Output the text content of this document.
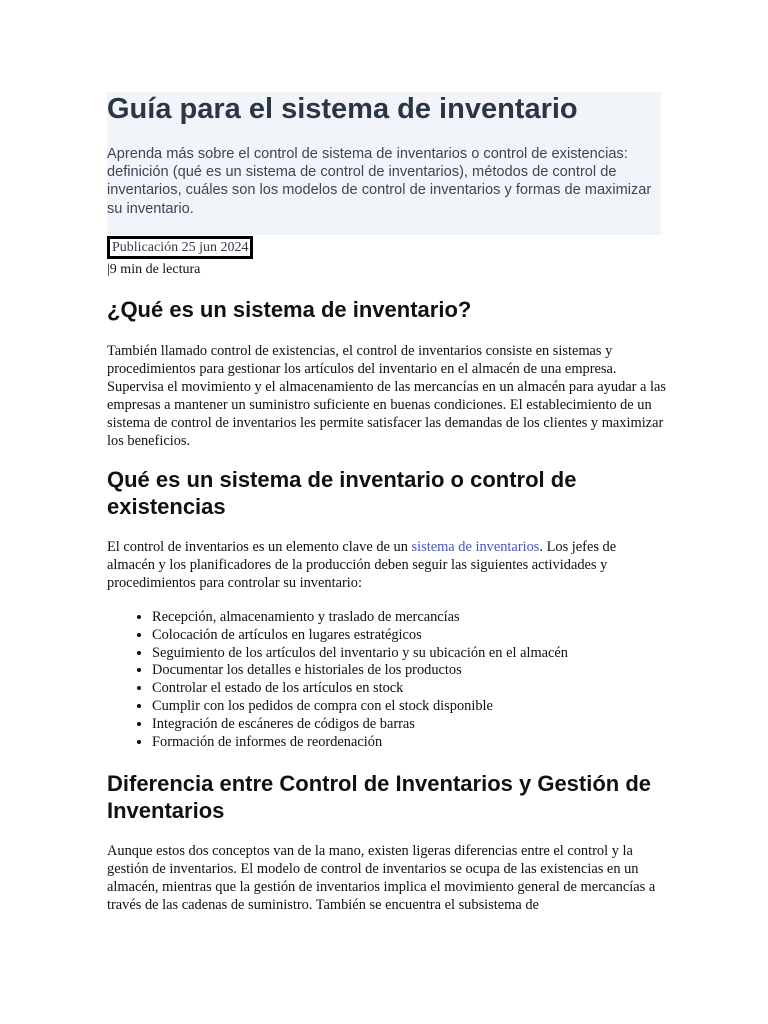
Guía para el sistema de inventario

Aprenda más sobre el control de sistema de inventarios o control de existencias: definición (qué es un sistema de control de inventarios), métodos de control de inventarios, cuáles son los modelos de control de inventarios y formas de maximizar su inventario.

Publicación 25 jun 2024
|9 min de lectura
¿Qué es un sistema de inventario?

También llamado control de existencias, el control de inventarios consiste en sistemas y procedimientos para gestionar los artículos del inventario en el almacén de una empresa. Supervisa el movimiento y el almacenamiento de las mercancías en un almacén para ayudar a las empresas a mantener un suministro suficiente en buenas condiciones. El establecimiento de un sistema de control de inventarios les permite satisfacer las demandas de los clientes y maximizar los beneficios.

Qué es un sistema de inventario o control de existencias

El control de inventarios es un elemento clave de un sistema de inventarios. Los jefes de almacén y los planificadores de la producción deben seguir las siguientes actividades y procedimientos para controlar su inventario:

• Recepción, almacenamiento y traslado de mercancías
• Colocación de artículos en lugares estratégicos
• Seguimiento de los artículos del inventario y su ubicación en el almacén
• Documentar los detalles e historiales de los productos
• Controlar el estado de los artículos en stock
• Cumplir con los pedidos de compra con el stock disponible
• Integración de escáneres de códigos de barras
• Formación de informes de reordenación
Diferencia entre Control de Inventarios y Gestión de Inventarios

Aunque estos dos conceptos van de la mano, existen ligeras diferencias entre el control y la gestión de inventarios. El modelo de control de inventarios se ocupa de las existencias en un almacén, mientras que la gestión de inventarios implica el movimiento general de mercancías a través de las cadenas de suministro. También se encuentra el subsistema de
